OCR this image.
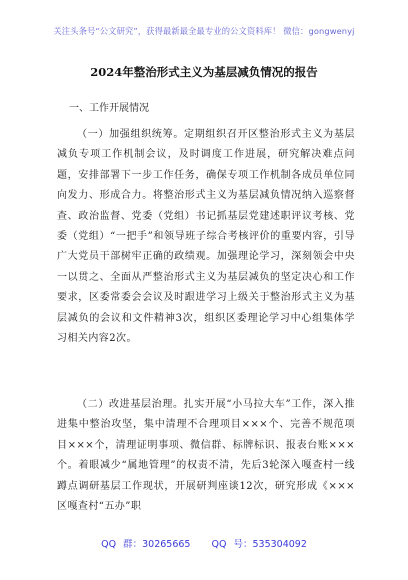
关注头条号“公文研究”，获得最新最全最专业的公文资料库！ 微信：gongwenyj
2024年整治形式主义为基层减负情况的报告
一、工作开展情况

（一）加强组织统筹。定期组织召开区整治形式主义为基层减负专项工作机制会议，及时调度工作进展，研究解决难点问题，安排部署下一步工作任务，确保专项工作机制各成员单位同向发力、形成合力。将整治形式主义为基层减负情况纳入巡察督查、政治监督、党委（党组）书记抓基层党建述职评议考核、党委（党组）“一把手”和领导班子综合考核评价的重要内容，引导广大党员干部树牢正确的政绩观。加强理论学习，深刻领会中央一以贯之、全面从严整治形式主义为基层减负的坚定决心和工作要求，区委常委会会议及时跟进学习上级关于整治形式主义为基层减负的会议和文件精神3次，组织区委理论学习中心组集体学习相关内容2次。

（二）改进基层治理。扎实开展“小马拉大车”工作，深入推进集中整治攻坚，集中清理不合理项目×××个、完善不规范项目×××个，清理证明事项、微信群、标牌标识、报表台账×××个。着眼减少“属地管理”的权责不清，先后3轮深入嘎查村一线蹲点调研基层工作现状，开展研判座谈12次，研究形成《×××区嘎查村“五办”职

QQ 群：30265665 QQ 号：535304092
